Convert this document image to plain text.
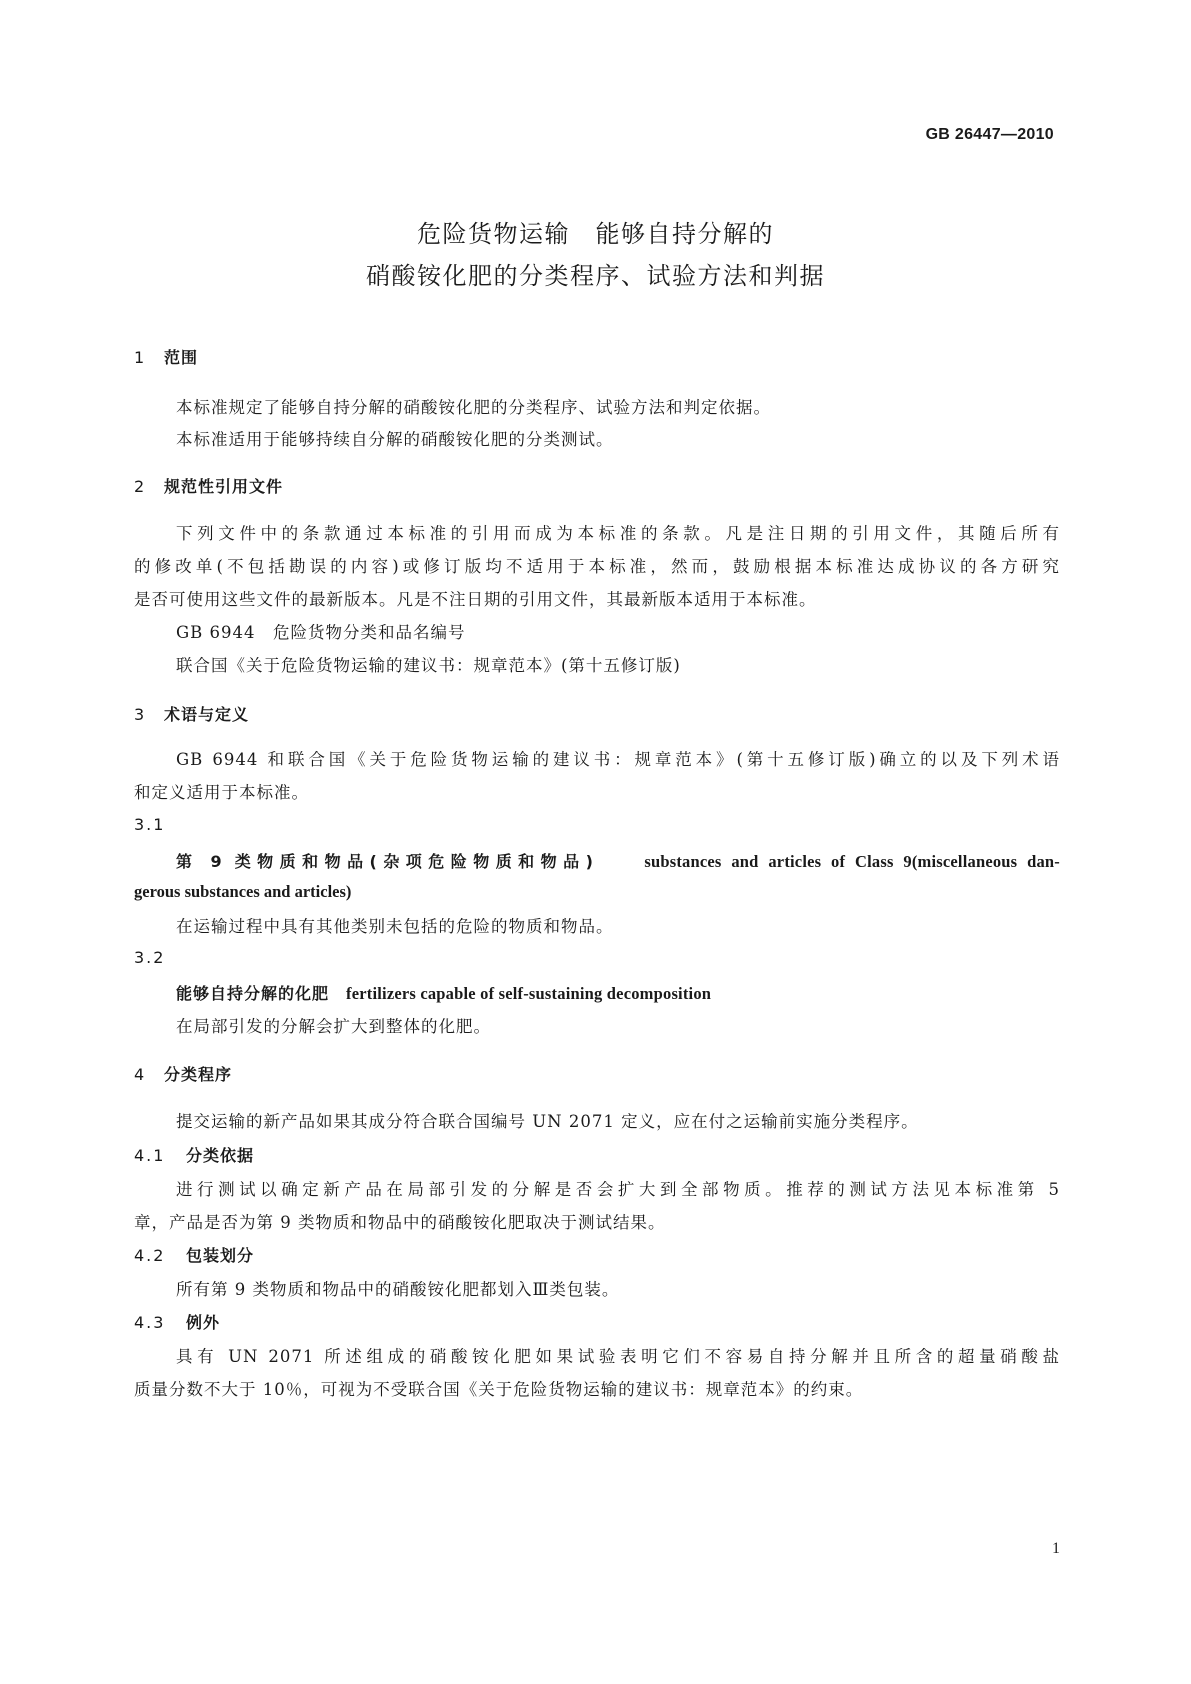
GB 26447—2010
危险货物运输　能够自持分解的
硝酸铵化肥的分类程序、试验方法和判据
1 范围
本标准规定了能够自持分解的硝酸铵化肥的分类程序、试验方法和判定依据。
本标准适用于能够持续自分解的硝酸铵化肥的分类测试。
2 规范性引用文件
下列文件中的条款通过本标准的引用而成为本标准的条款。凡是注日期的引用文件，其随后所有
的修改单(不包括勘误的内容)或修订版均不适用于本标准，然而，鼓励根据本标准达成协议的各方研究
是否可使用这些文件的最新版本。凡是不注日期的引用文件，其最新版本适用于本标准。
GB 6944　危险货物分类和品名编号
联合国《关于危险货物运输的建议书：规章范本》(第十五修订版)
3 术语与定义
GB 6944 和联合国《关于危险货物运输的建议书：规章范本》(第十五修订版)确立的以及下列术语
和定义适用于本标准。
3.1
第 9 类物质和物品(杂项危险物质和物品)　　	substances and articles of Class 9(miscellaneous dan-
gerous substances and articles)
在运输过程中具有其他类别未包括的危险的物质和物品。
3.2
能够自持分解的化肥　 fertilizers capable of self-sustaining decomposition
在局部引发的分解会扩大到整体的化肥。
4 分类程序
提交运输的新产品如果其成分符合联合国编号 UN 2071 定义，应在付之运输前实施分类程序。
4.1 分类依据
进行测试以确定新产品在局部引发的分解是否会扩大到全部物质。推荐的测试方法见本标准第 5
章，产品是否为第 9 类物质和物品中的硝酸铵化肥取决于测试结果。
4.2 包装划分
所有第 9 类物质和物品中的硝酸铵化肥都划入Ⅲ类包装。
4.3 例外
具有 UN 2071 所述组成的硝酸铵化肥如果试验表明它们不容易自持分解并且所含的超量硝酸盐
质量分数不大于 10％，可视为不受联合国《关于危险货物运输的建议书：规章范本》的约束。
1
